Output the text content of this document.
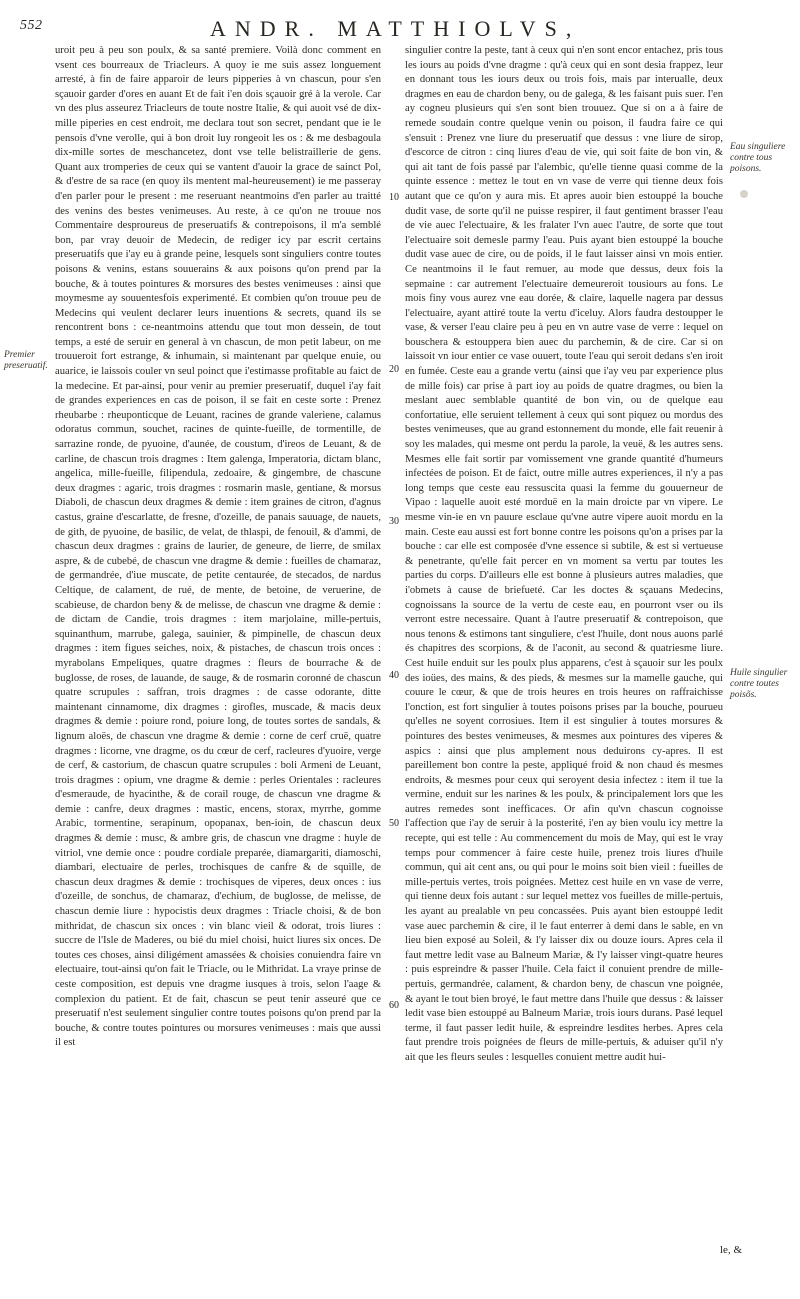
552	ANDR. MATTHIOLVS,

uroit peu à peu son poulx, & sa santé premiere. Voilà donc comment en vsent ces bourreaux de Triacleurs. A quoy ie me suis assez longuement arresté, à fin de faire apparoir de leurs pipperies à vn chascun, pour s'en sçauoir garder d'ores en auant Et de fait i'en dois sçauoir gré à la verole. Car vn des plus asseurez Triacleurs de toute nostre Italie, & qui auoit vsé de dix-mille piperies en cest endroit, me declara tout son secret, pendant que ie le pensois d'vne verolle, qui à bon droit luy rongeoit les os : & me desbagoula dix-mille sortes de meschancetez, dont vse telle belistraillerie de gens. Quant aux tromperies de ceux qui se vantent d'auoir la grace de sainct Pol, & d'estre de sa race (en quoy ils mentent mal-heureusement) ie me passeray d'en parler pour le present : me reseruant neantmoins d'en parler au traitté des venins des bestes venimeuses. Au reste, à ce qu'on ne trouue nos Commentaire desproureus de preseruatifs & contrepoisons, il m'a semblé bon, par vray deuoir de Medecin, de rediger icy par escrit certains preseruatifs que i'ay eu à grande peine, lesquels sont singuliers contre toutes poisons & venins, estans souuerains & aux poisons qu'on prend par la bouche, & à toutes pointures & morsures des bestes venimeuses : ainsi que moymesme ay souuentesfois experimenté. Et combien qu'on trouue peu de Medecins qui veulent declarer leurs inuentions & secrets, quand ils se rencontrent bons : ce-neantmoins attendu que tout mon dessein, de tout temps, a esté de seruir en general à vn chascun, de mon petit labeur, on me trouueroit fort estrange, & inhumain, si maintenant par quelque enuie, ou auarice, ie laissois couler vn seul poinct que i'estimasse profitable au faict de la medecine. Et par-ainsi, pour venir au premier preseruatif, duquel i'ay fait de grandes experiences en cas de poison, il se fait en ceste sorte : Prenez rheubarbe : rheuponticque de Leuant, racines de grande valeriene, calamus odoratus commun, souchet, racines de quinte-fueille, de tormentille, de sarrazine ronde, de pyuoine, d'aunée, de coustum, d'ireos de Leuant, & de carline, de chascun trois dragmes : Item galenga, Imperatoria, dictam blanc, angelica, mille-fueille, filipendula, zedoaire, & gingembre, de chascune deux dragmes : agaric, trois dragmes : rosmarin masle, gentiane, & morsus Diaboli, de chascun deux dragmes & demie : item graines de citron, d'agnus castus, graine d'escarlatte, de fresne, d'ozeille, de panais sauuage, de nauets, de gith, de pyuoine, de basilic, de velat, de thlaspi, de fenouil, & d'ammi, de chascun deux dragmes : grains de laurier, de geneure, de lierre, de smilax aspre, & de cubebé, de chascun vne dragme & demie : fueilles de chamaraz, de germandrée, d'iue muscate, de petite centaurée, de stecados, de nardus Celtique, de calament, de rué, de mente, de betoine, de veruerine, de scabieuse, de chardon beny & de melisse, de chascun vne dragme & demie : de dictam de Candie, trois dragmes : item marjolaine, mille-pertuis, squinanthum, marrube, galega, sauinier, & pimpinelle, de chascun deux dragmes : item figues seiches, noix, & pistaches, de chascun trois onces : myrabolans Empeliques, quatre dragmes : fleurs de bourrache & de buglosse, de roses, de lauande, de sauge, & de rosmarin coronné de chascun quatre scrupules : saffran, trois dragmes : de casse odorante, ditte maintenant cinnamome, dix dragmes : girofles, muscade, & macis deux dragmes & demie : poiure rond, poiure long, de toutes sortes de sandals, & lignum aloës, de chascun vne dragme & demie : corne de cerf cruë, quatre dragmes : licorne, vne dragme, os du cœur de cerf, racleures d'yuoire, verge de cerf, & castorium, de chascun quatre scrupules : boli Armeni de Leuant, trois dragmes : opium, vne dragme & demie : perles Orientales : racleures d'esmeraude, de hyacinthe, & de corail rouge, de chascun vne dragme & demie : canfre, deux dragmes : mastic, encens, storax, myrrhe, gomme Arabic, tormentine, serapinum, opopanax, ben-ioin, de chascun deux dragmes & demie : musc, & ambre gris, de chascun vne dragme : huyle de vitriol, vne demie once : poudre cordiale preparée, diamargariti, diamoschi, diambari, electuaire de perles, trochisques de canfre & de squille, de chascun deux dragmes & demie : trochisques de viperes, deux onces : ius d'ozeille, de sonchus, de chamaraz, d'echium, de buglosse, de melisse, de chascun demie liure : hypocistis deux dragmes : Triacle choisi, & de bon mithridat, de chascun six onces : vin blanc vieil & odorat, trois liures : succre de l'Isle de Maderes, ou bié du miel choisi, huict liures six onces. De toutes ces choses, ainsi diligément amassées & choisies conuiendra faire vn electuaire, tout-ainsi qu'on fait le Triacle, ou le Mithridat. La vraye prinse de ceste composition, est depuis vne dragme iusques à trois, selon l'aage & complexion du patient. Et de fait, chascun se peut tenir asseuré que ce preseruatif n'est seulement singulier contre toutes poisons qu'on prend par la bouche, & contre toutes pointures ou morsures venimeuses : mais que aussi il est

10
20
30
40
50
60

singulier contre la peste, tant à ceux qui n'en sont encor entachez, pris tous les iours au poids d'vne dragme : qu'à ceux qui en sont desia frappez, leur en donnant tous les iours deux ou trois fois, mais par interualle, deux dragmes en eau de chardon beny, ou de galega, & les faisant puis suer. I'en ay cogneu plusieurs qui s'en sont bien trouuez. Que si on a à faire de remede soudain contre quelque venin ou poison, il faudra faire ce qui s'ensuit : Prenez vne liure du preseruatif que dessus : vne liure de sirop, d'escorce de citron : cinq liures d'eau de vie, qui soit faite de bon vin, & qui ait tant de fois passé par l'alembic, qu'elle tienne quasi comme de la quinte essence : mettez le tout en vn vase de verre qui tienne deux fois autant que ce qu'on y aura mis. Et apres auoir bien estouppé la bouche dudit vase, de sorte qu'il ne puisse respirer, il faut gentiment brasser l'eau de vie auec l'electuaire, & les fralater l'vn auec l'autre, de sorte que tout l'electuaire soit demesle parmy l'eau. Puis ayant bien estouppé la bouche dudit vase auec de cire, ou de poids, il le faut laisser ainsi vn mois entier. Ce neantmoins il le faut remuer, au mode que dessus, deux fois la sepmaine : car autrement l'electuaire demeureroit tousiours au fons. Le mois finy vous aurez vne eau dorée, & claire, laquelle nagera par dessus l'electuaire, ayant attiré toute la vertu d'iceluy. Alors faudra destoupper le vase, & verser l'eau claire peu à peu en vn autre vase de verre : lequel on bouschera & estouppera bien auec du parchemin, & de cire. Car si on laissoit vn iour entier ce vase ouuert, toute l'eau qui seroit dedans s'en iroit en fumée. Ceste eau a grande vertu (ainsi que i'ay veu par experience plus de mille fois) car prise à part ioy au poids de quatre dragmes, ou bien la meslant auec semblable quantité de bon vin, ou de quelque eau confortatiue, elle seruient tellement à ceux qui sont piquez ou mordus des bestes venimeuses, que au grand estonnement du monde, elle fait reuenir à soy les malades, qui mesme ont perdu la parole, la veuë, & les autres sens. Mesmes elle fait sortir par vomissement vne grande quantité d'humeurs infectées de poison. Et de faict, outre mille autres experiences, il n'y a pas long temps que ceste eau ressuscita quasi la femme du gouuerneur de Vipao : laquelle auoit esté morduë en la main droicte par vn vipere. Le mesme vin-ie en vn pauure esclaue qu'vne autre vipere auoit mordu en la main. Ceste eau aussi est fort bonne contre les poisons qu'on a prises par la bouche : car elle est composée d'vne essence si subtile, & est si vertueuse & penetrante, qu'elle fait percer en vn moment sa vertu par toutes les parties du corps. D'ailleurs elle est bonne à plusieurs autres maladies, que i'obmets à cause de briefueté. Car les doctes & sçauans Medecins, cognoissans la source de la vertu de ceste eau, en pourront vser ou ils verront estre necessaire. Quant à l'autre preseruatif & contrepoison, que nous tenons & estimons tant singuliere, c'est l'huile, dont nous auons parlé és chapitres des scorpions, & de l'aconit, au second & quatriesme liure. Cest huile enduit sur les poulx plus apparens, c'est à sçauoir sur les poulx des ioües, des mains, & des pieds, & mesmes sur la mamelle gauche, qui couure le cœur, & que de trois heures en trois heures on raffraichisse l'onction, est fort singulier à toutes poisons prises par la bouche, pourueu qu'elles ne soyent corrosiues. Item il est singulier à toutes morsures & pointures des bestes venimeuses, & mesmes aux pointures des viperes & aspics : ainsi que plus amplement nous deduirons cy-apres. Il est pareillement bon contre la peste, appliqué froid & non chaud és mesmes endroits, & mesmes pour ceux qui seroyent desia infectez : item il tue la vermine, enduit sur les narines & les poulx, & principalement lors que les autres remedes sont inefficaces. Or afin qu'vn chascun cognoisse l'affection que i'ay de seruir à la posterité, i'en ay bien voulu icy mettre la recepte, qui est telle : Au commencement du mois de May, qui est le vray temps pour commencer à faire ceste huile, prenez trois liures d'huile commun, qui ait cent ans, ou qui pour le moins soit bien vieil : fueilles de mille-pertuis vertes, trois poignées. Mettez cest huile en vn vase de verre, qui tienne deux fois autant : sur lequel mettez vos fueilles de mille-pertuis, les ayant au prealable vn peu concassées. Puis ayant bien estouppé ledit vase auec parchemin & cire, il le faut enterrer à demi dans le sable, en vn lieu bien exposé au Soleil, & l'y laisser dix ou douze iours. Apres cela il faut mettre ledit vase au Balneum Mariæ, & l'y laisser vingt-quatre heures : puis espreindre & passer l'huile. Cela faict il conuient prendre de mille-pertuis, germandrée, calament, & chardon beny, de chascun vne poignée, & ayant le tout bien broyé, le faut mettre dans l'huile que dessus : & laisser ledit vase bien estouppé au Balneum Mariæ, trois iours durans. Pasé lequel terme, il faut passer ledit huile, & espreindre lesdites herbes. Apres cela faut prendre trois poignées de fleurs de mille-pertuis, & aduiser qu'il n'y ait que les fleurs seules : lesquelles conuient mettre audit hui-

Premier preseruatif.
Eau singuliere contre tous poisons.
Huile singulier contre toutes poisõs.
le, &
